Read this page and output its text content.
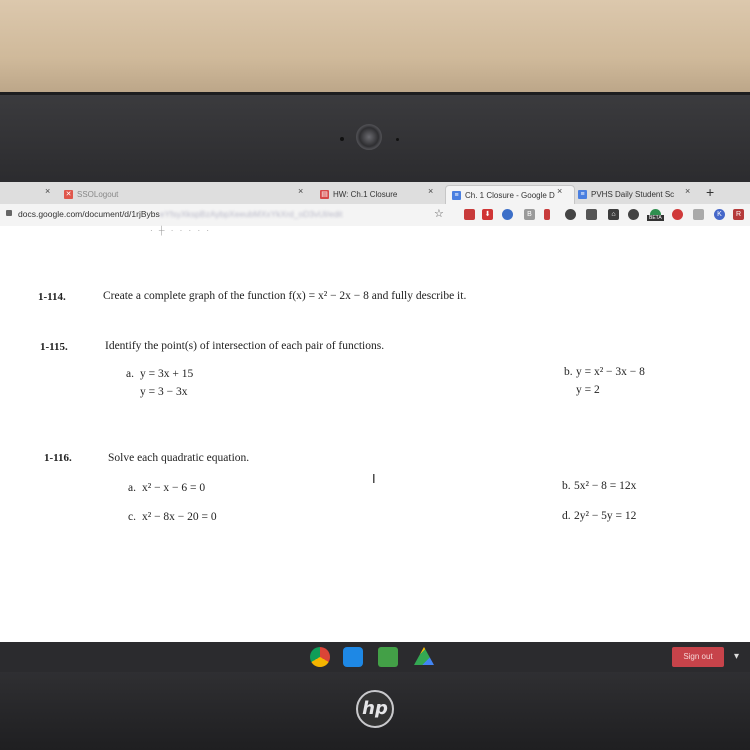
× ✕ SSOLogout	×	▤ HW: Ch.1 Closure	×	≡ Ch. 1 Closure - Google D ×	≡ PVHS Daily Student Sc × +
docs.google.com/document/d/1rjBybseYfsyXkspBzAybpXeeubMXxYkXrd_oD3vUl/edit	☆	⬇	B	⌂	BETA	K	R
· ┼ · · · · ·
1-114.	Create a complete graph of the function f(x) = x² − 2x − 8 and fully describe it.
1-115.	Identify the point(s) of intersection of each pair of functions.
a. y = 3x + 15
y = 3 − 3x
b. y = x² − 3x − 8
y = 2
I
1-116.	Solve each quadratic equation.
a. x² − x − 6 = 0	b. 5x² − 8 = 12x
c. x² − 8x − 20 = 0	d. 2y² − 5y = 12
Sign out	▾
hp
